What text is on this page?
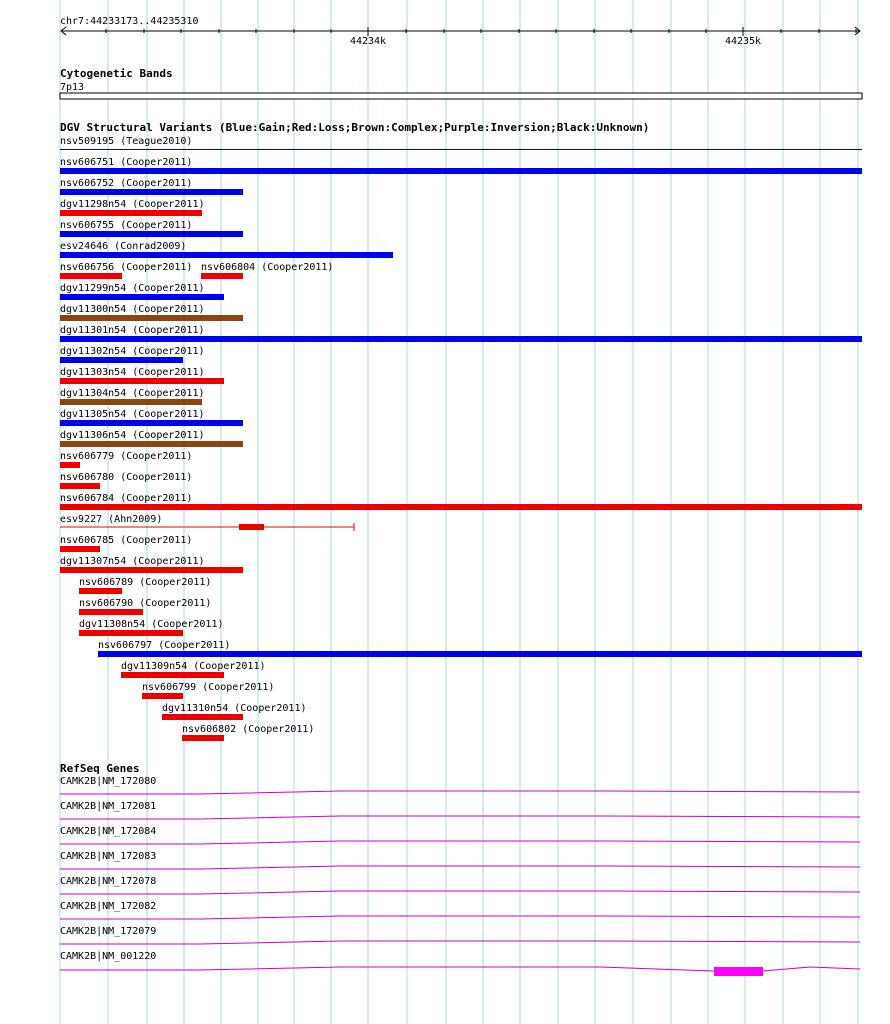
chr7:44233173..44235310
44234k	44235k
Cytogenetic Bands
7p13
DGV Structural Variants (Blue:Gain;Red:Loss;Brown:Complex;Purple:Inversion;Black:Unknown)
nsv509195 (Teague2010)
nsv606751 (Cooper2011)
nsv606752 (Cooper2011)
dgv11298n54 (Cooper2011)
nsv606755 (Cooper2011)
esv24646 (Conrad2009)
nsv606756 (Cooper2011) nsv606804 (Cooper2011)
dgv11299n54 (Cooper2011)
dgv11300n54 (Cooper2011)
dgv11301n54 (Cooper2011)
dgv11302n54 (Cooper2011)
dgv11303n54 (Cooper2011)
dgv11304n54 (Cooper2011)
dgv11305n54 (Cooper2011)
dgv11306n54 (Cooper2011)
nsv606779 (Cooper2011)
nsv606780 (Cooper2011)
nsv606784 (Cooper2011)
esv9227 (Ahn2009)
nsv606785 (Cooper2011)
dgv11307n54 (Cooper2011)
nsv606789 (Cooper2011)
nsv606790 (Cooper2011)
dgv11308n54 (Cooper2011)
nsv606797 (Cooper2011)
dgv11309n54 (Cooper2011)
nsv606799 (Cooper2011)
dgv11310n54 (Cooper2011)
nsv606802 (Cooper2011)
RefSeq Genes
CAMK2B|NM_172080
CAMK2B|NM_172081
CAMK2B|NM_172084
CAMK2B|NM_172083
CAMK2B|NM_172078
CAMK2B|NM_172082
CAMK2B|NM_172079
CAMK2B|NM_001220
